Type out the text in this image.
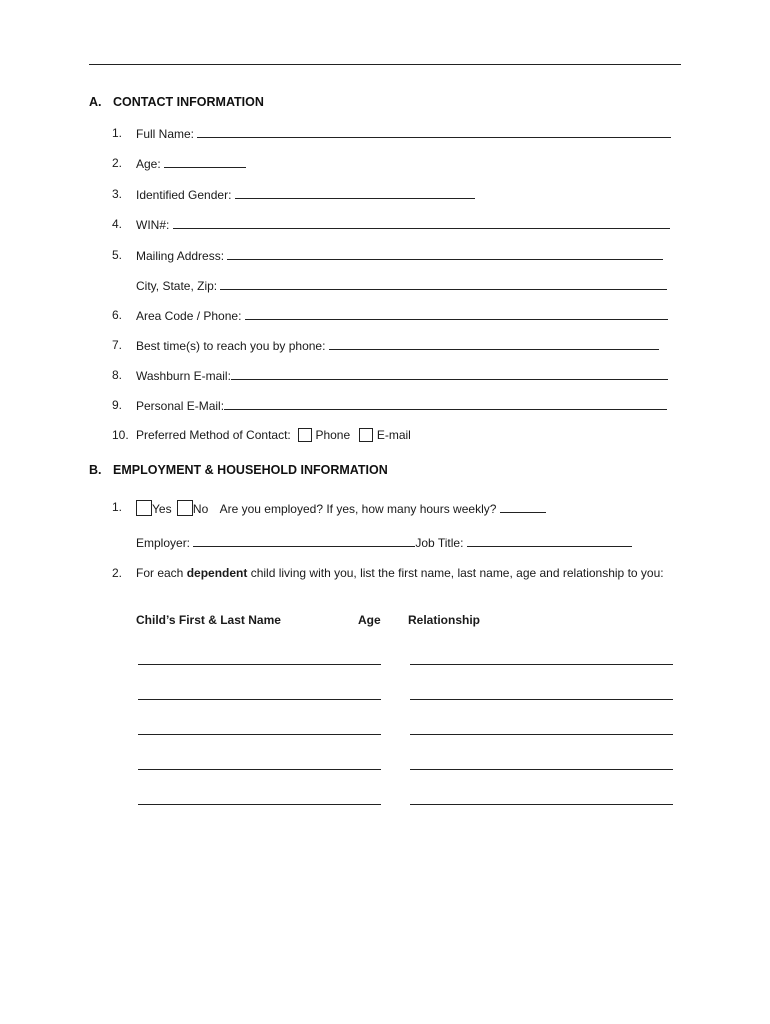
A. CONTACT INFORMATION
1. Full Name:
2. Age:
3. Identified Gender:
4. WIN#:
5. Mailing Address:
City, State, Zip:
6. Area Code / Phone:
7. Best time(s) to reach you by phone:
8. Washburn E-mail:
9. Personal E-Mail:
10. Preferred Method of Contact: Phone E-mail
B. EMPLOYMENT & HOUSEHOLD INFORMATION
1.	Yes No Are you employed? If yes, how many hours weekly?
Employer:	Job Title:
2. For each dependent child living with you, list the first name, last name, age and relationship to you:
Child’s First & Last Name	Age Relationship
